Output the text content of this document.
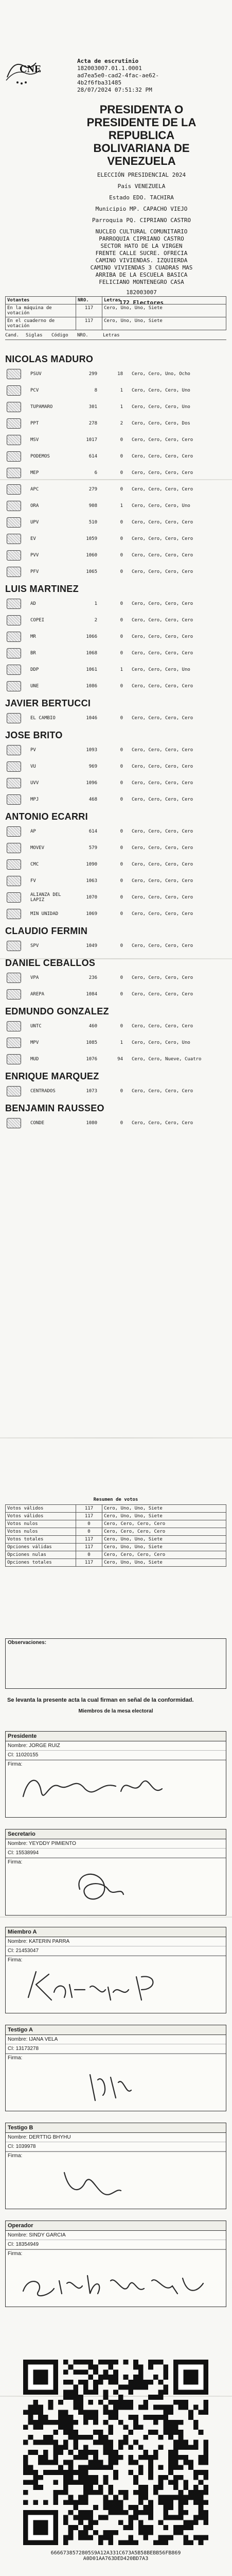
CNE
Acta de escrutinio
182003007.01.1.0001
ad7ea5e0-cad2-4fac-ae62-
4b2f6fba31485
28/07/2024 07:51:32 PM
PRESIDENTA O
PRESIDENTE DE LA
REPUBLICA
BOLIVARIANA DE
VENEZUELA
ELECCIÓN PRESIDENCIAL 2024
País VENEZUELA
Estado EDO. TACHIRA
Municipio MP. CAPACHO VIEJO
Parroquia PQ. CIPRIANO CASTRO
NUCLEO CULTURAL COMUNITARIO
PARROQUIA CIPRIANO CASTRO
SECTOR HATO DE LA VIRGEN
FRENTE CALLE SUCRE. OFRECIA
CAMINO VIVIENDAS. IZQUIERDA
CAMINO VIVIENDAS 3 CUADRAS MAS
ARRIBA DE LA ESCUELA BASICA
FELICIANO MONTENEGRO CASA
182003007
172 Electores
Votantes	NRO.	Letras
En la máquina de votación	117	Cero, Uno, Uno, Siete
En el cuaderno de votación	117	Cero, Uno, Uno, Siete
Cand.	Siglas	Código	NRO.	Letras
NICOLAS MADURO
	PSUV	299	18	Cero, Cero, Uno, Ocho

	PCV	8	1	Cero, Cero, Cero, Uno

	TUPAMARO	301	1	Cero, Cero, Cero, Uno

	PPT	278	2	Cero, Cero, Cero, Dos

	MSV	1017	0	Cero, Cero, Cero, Cero

	PODEMOS	614	0	Cero, Cero, Cero, Cero

	MEP	6	0	Cero, Cero, Cero, Cero

	APC	279	0	Cero, Cero, Cero, Cero

	ORA	908	1	Cero, Cero, Cero, Uno

	UPV	510	0	Cero, Cero, Cero, Cero

	EV	1059	0	Cero, Cero, Cero, Cero

	PVV	1060	0	Cero, Cero, Cero, Cero

	PFV	1065	0	Cero, Cero, Cero, Cero
LUIS MARTINEZ
	AD	1	0	Cero, Cero, Cero, Cero

	COPEI	2	0	Cero, Cero, Cero, Cero

	MR	1066	0	Cero, Cero, Cero, Cero

	BR	1068	0	Cero, Cero, Cero, Cero

	DDP	1061	1	Cero, Cero, Cero, Uno

	UNE	1086	0	Cero, Cero, Cero, Cero
JAVIER BERTUCCI
	EL CAMBIO	1046	0	Cero, Cero, Cero, Cero
JOSE BRITO
	PV	1093	0	Cero, Cero, Cero, Cero

	VU	969	0	Cero, Cero, Cero, Cero

	UVV	1096	0	Cero, Cero, Cero, Cero

	MPJ	468	0	Cero, Cero, Cero, Cero
ANTONIO ECARRI
	AP	614	0	Cero, Cero, Cero, Cero

	MOVEV	579	0	Cero, Cero, Cero, Cero

	CMC	1090	0	Cero, Cero, Cero, Cero

	FV	1063	0	Cero, Cero, Cero, Cero

	ALIANZA DEL LAPIZ	1070	0	Cero, Cero, Cero, Cero

	MIN UNIDAD	1069	0	Cero, Cero, Cero, Cero
CLAUDIO FERMIN
	SPV	1049	0	Cero, Cero, Cero, Cero
DANIEL CEBALLOS
	VPA	236	0	Cero, Cero, Cero, Cero

	AREPA	1084	0	Cero, Cero, Cero, Cero
EDMUNDO GONZALEZ
	UNTC	460	0	Cero, Cero, Cero, Cero

	MPV	1085	1	Cero, Cero, Cero, Uno

	MUD	1076	94	Cero, Cero, Nueve, Cuatro
ENRIQUE MARQUEZ
	CENTRADOS	1073	0	Cero, Cero, Cero, Cero
BENJAMIN RAUSSEO
	CONDE	1080	0	Cero, Cero, Cero, Cero
Resumen de votos
Votos válidos	117	Cero, Uno, Uno, Siete
Votos válidos	117	Cero, Uno, Uno, Siete
Votos nulos	0	Cero, Cero, Cero, Cero
Votos nulos	0	Cero, Cero, Cero, Cero
Votos totales	117	Cero, Uno, Uno, Siete
Opciones válidas	117	Cero, Uno, Uno, Siete
Opciones nulas	0	Cero, Cero, Cero, Cero
Opciones totales	117	Cero, Uno, Uno, Siete
Observaciones:
Se levanta la presente acta la cual firman en señal de la conformidad.
Miembros de la mesa electoral
Presidente
Nombre: JORGE RUIZ
CI: 11020155
Firma:
Secretario
Nombre: YEYDDY PIMIENTO
CI: 15538994
Firma:
Miembro A
Nombre: KATERIN PARRA
CI: 21453047
Firma:
Testigo A
Nombre: IJANA VELA
CI: 13173278
Firma:
Testigo B
Nombre: DERTTIG BHYHU
CI: 1039978
Firma:
Operador
Nombre: SINDY GARCIA
CI: 18354949
Firma:
6666738572805S9A12A331C673A5B58BEBB56FB869
A0D01AA763DED420BD7A3
